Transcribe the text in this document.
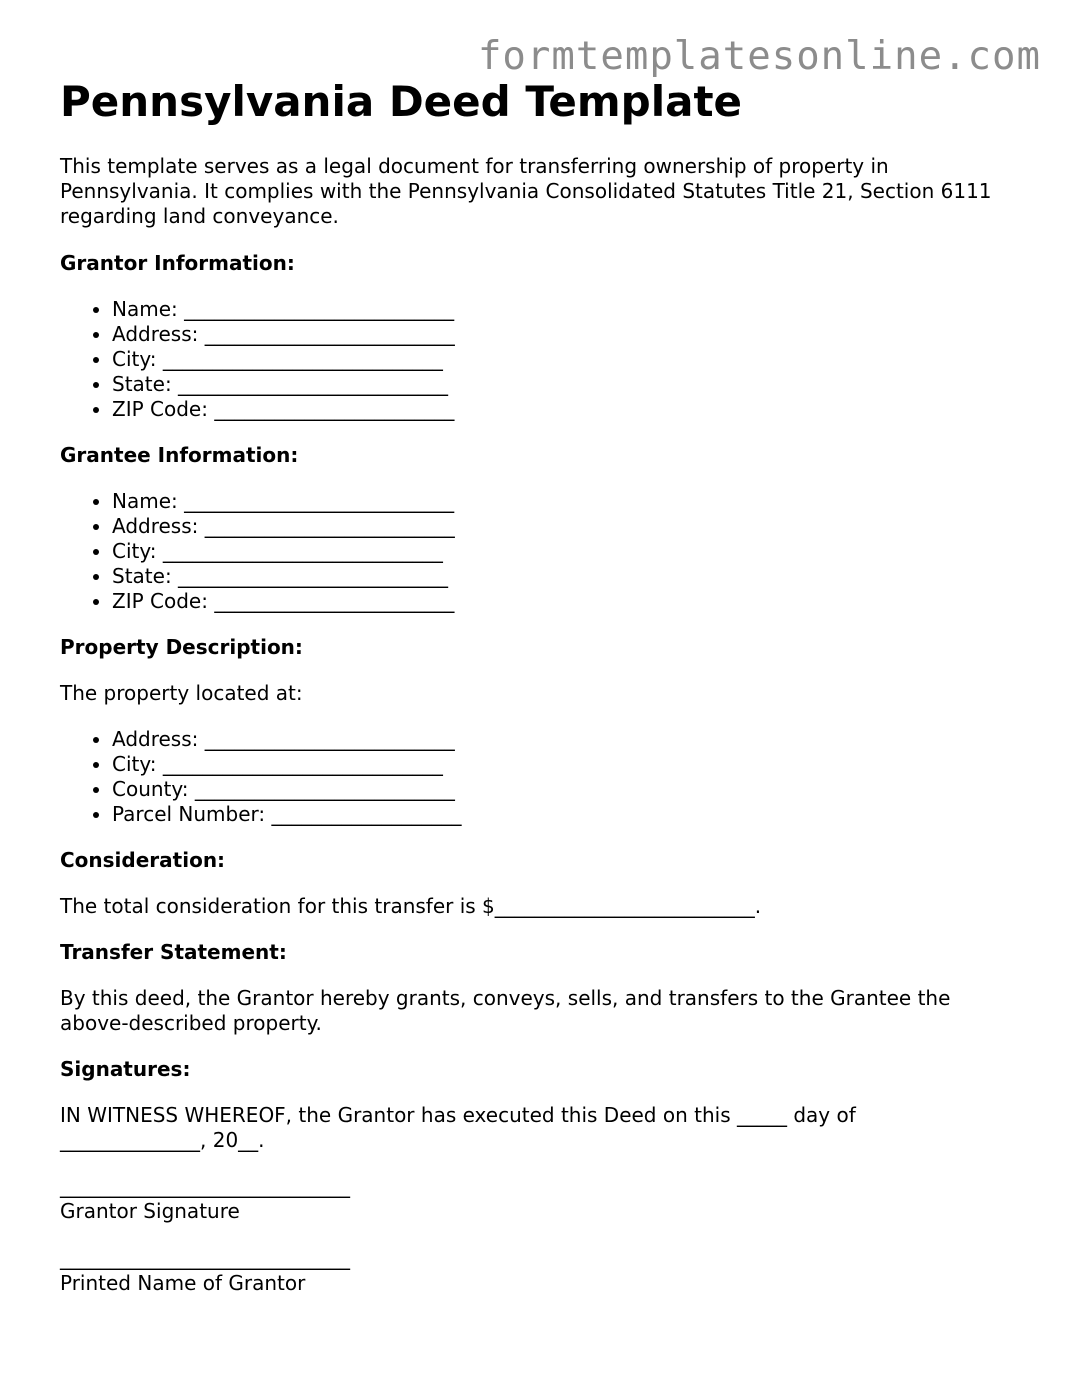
formtemplatesonline.com
Pennsylvania Deed Template

This template serves as a legal document for transferring ownership of property in Pennsylvania. It complies with the Pennsylvania Consolidated Statutes Title 21, Section 6111 regarding land conveyance.

Grantor Information:

• Name: ___________________________
• Address: _________________________
• City: ____________________________
• State: ___________________________
• ZIP Code: ________________________

Grantee Information:

• Name: ___________________________
• Address: _________________________
• City: ____________________________
• State: ___________________________
• ZIP Code: ________________________

Property Description:

The property located at:

• Address: _________________________
• City: ____________________________
• County: __________________________
• Parcel Number: ___________________

Consideration:

The total consideration for this transfer is $__________________________.

Transfer Statement:

By this deed, the Grantor hereby grants, conveys, sells, and transfers to the Grantee the above-described property.

Signatures:

IN WITNESS WHEREOF, the Grantor has executed this Deed on this _____ day of

______________, 20__.

_____________________________

Grantor Signature

_____________________________

Printed Name of Grantor
